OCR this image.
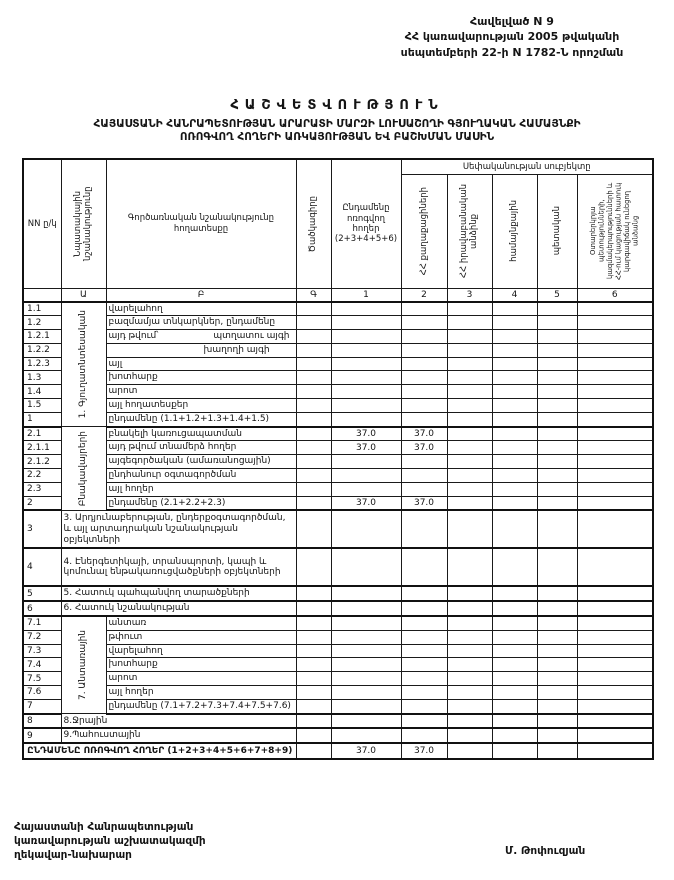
Հավելված N 9
ՀՀ կառավարության 2005 թվականի
սեպտեմբերի 22-ի N 1782-Ն որոշման
ՀԱՇՎԵՏՎՈՒԹՅՈՒՆ
ՀԱՅԱՍՏԱՆԻ ՀԱՆՐԱՊԵՏՈՒԹՅԱՆ ԱՐԱՐԱՏԻ ՄԱՐԶԻ ԼՈՒՍԱՇՈՂԻ ԳՅՈՒՂԱԿԱՆ ՀԱՄԱՅՆՔԻ
ՈՌՈԳՎՈՂ ՀՈՂԵՐԻ ԱՌԿԱՅՈՒԹՅԱՆ ԵՎ ԲԱՇԽՄԱՆ ՄԱՍԻՆ
NN ը/կ	Նպատակային նշանակությունը	Գործառնական նշանակությունը հողատեսքը	Ծածկագիրը	Ընդամենը ոռոգվող հողեր (2+3+4+5+6)	Սեփականության սուբյեկտը				

					ՀՀ քաղաքացիների	ՀՀ իրավաբանական անձինք	համայնքային	պետական	Օտարերկրյա պետությունների, կազմակերպությունների և ՀՀ-ում կացության հատուկ կարգավիճակ ունեցող անձանց

	Ա	Բ	Գ	1	2	3	4	5	6
1.1	1. Գյուղատնտեսական	վարելահող							
1.2		բազմամյա տնկարկներ, ընդամենը							
1.2.1		այդ թվում՝ պտղատու այգի							
1.2.2		խաղողի այգի							
1.2.3		այլ							
1.3		խոտհարք							
1.4		արոտ							
1.5		այլ հողատեսքեր							
1		ընդամենը (1.1+1.2+1.3+1.4+1.5)							
2.1	Բնակավայրերի	բնակելի կառուցապատման		37.0	37.0				
2.1.1		այդ թվում տնամերձ հողեր		37.0	37.0				
2.1.2		այգեգործական (ամառանոցային)							
2.2		ընդհանուր օգտագործման							
2.3		այլ հողեր							
2		ընդամենը (2.1+2.2+2.3)		37.0	37.0				
3	3. Արդյունաբերության, ընդերքօգտագործման, և այլ արտադրական նշանակության օբյեկտների								
4	4. Էներգետիկայի, տրանսպորտի, կապի և կոմունալ ենթակառուցվածքների օբյեկտների								
5	5. Հատուկ պահպանվող տարածքների								
6	6. Հատուկ նշանակության								
7.1	7. Անտառային	անտառ							
7.2		թփուտ							
7.3		վարելահող							
7.4		խոտհարք							
7.5		արոտ							
7.6		այլ հողեր							
7		ընդամենը (7.1+7.2+7.3+7.4+7.5+7.6)							
8	8.Ջրային								
9	9.Պահուստային								
ԸՆԴԱՄԵՆԸ ՈՌՈԳՎՈՂ ՀՈՂԵՐ (1+2+3+4+5+6+7+8+9)				37.0	37.0				
Հայաստանի Հանրապետության
կառավարության աշխատակազմի
ղեկավար-նախարար	Մ. Թոփուզյան
